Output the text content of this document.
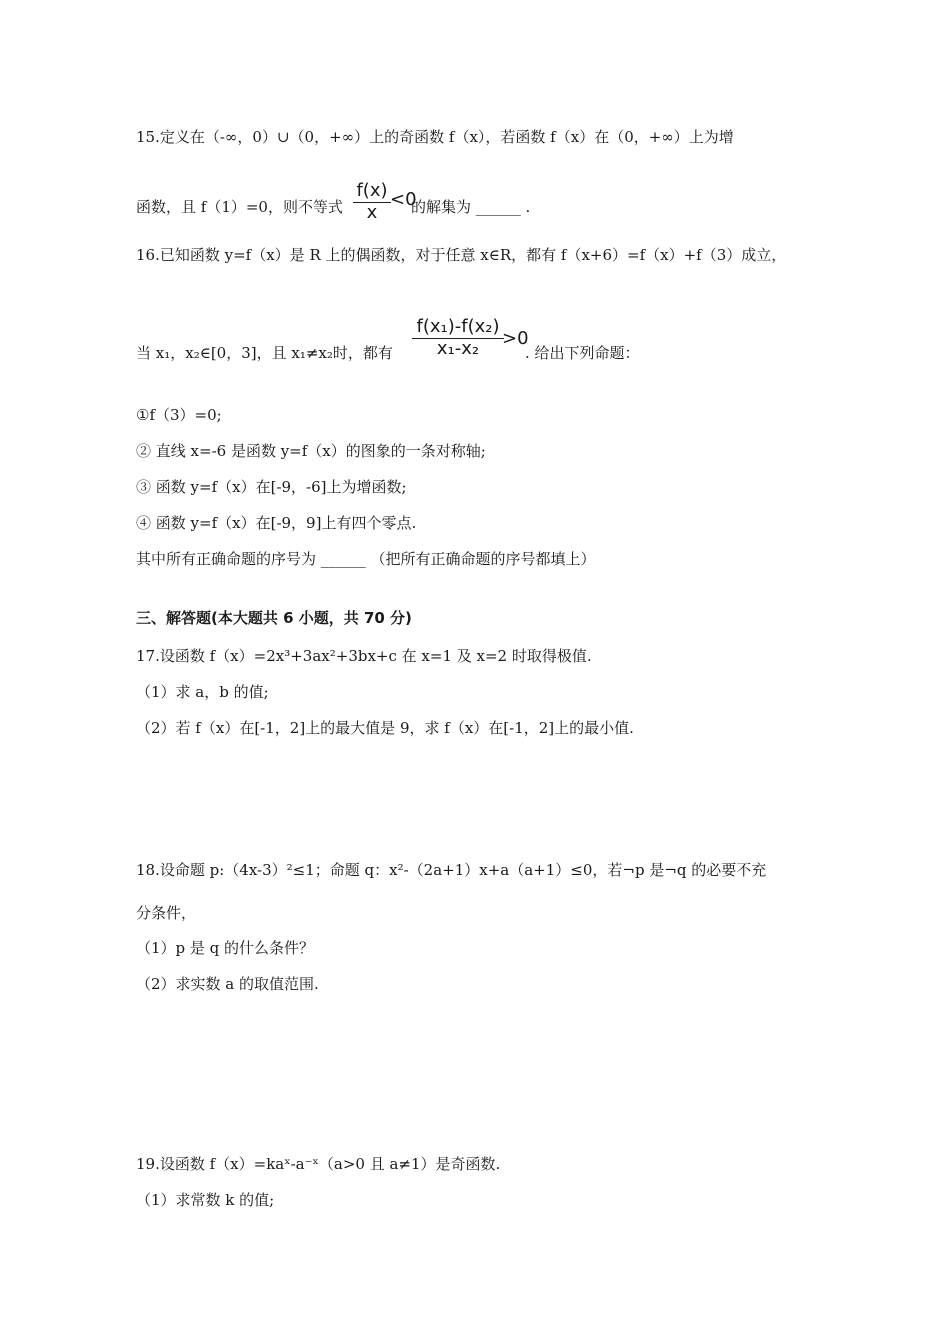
15.定义在（-∞，0）∪（0，+∞）上的奇函数 f（x），若函数 f（x）在（0，+∞）上为增
函数，且 f（1）=0，则不等式
f(x)
x
<0
的解集为 ______ .
16.已知函数 y=f（x）是 R 上的偶函数，对于任意 x∈R，都有 f（x+6）=f（x）+f（3）成立，
当 x₁，x₂∈[0，3]，且 x₁≠x₂时，都有
f(x₁)-f(x₂)
x₁-x₂	>0
. 给出下列命题：
①f（3）=0;
② 直线 x=-6 是函数 y=f（x）的图象的一条对称轴;
③ 函数 y=f（x）在[-9，-6]上为增函数;
④ 函数 y=f（x）在[-9，9]上有四个零点.
其中所有正确命题的序号为 ______ （把所有正确命题的序号都填上）
三、解答题(本大题共 6 小题，共 70 分)
17.设函数 f（x）=2x³+3ax²+3bx+c 在 x=1 及 x=2 时取得极值.
（1）求 a，b 的值;
（2）若 f（x）在[-1，2]上的最大值是 9，求 f（x）在[-1，2]上的最小值.
18.设命题 p:（4x-3）²≤1；命题 q：x²-（2a+1）x+a（a+1）≤0，若¬p 是¬q 的必要不充
分条件，
（1）p 是 q 的什么条件？
（2）求实数 a 的取值范围.
19.设函数 f（x）=kaˣ-a⁻ˣ（a>0 且 a≠1）是奇函数.
（1）求常数 k 的值;
